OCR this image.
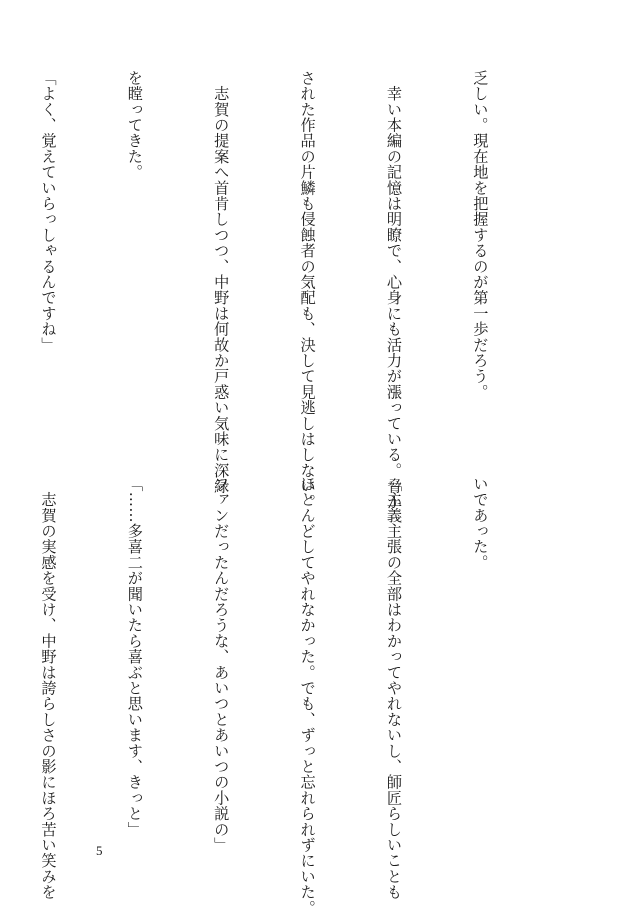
乏しい。現在地を把握するのが第一歩だろう。

　幸い本編の記憶は明瞭で、心身にも活力が漲っている。脅か

された作品の片鱗も侵蝕者の気配も、決して見逃しはしない。

　志賀の提案へ首肯しつつ、中野は何故か戸惑い気味に深緑

を瞠ってきた。

「よく、覚えていらっしゃるんですね」

いであった。

「主義主張の全部はわかってやれないし、師匠らしいことも

ほとんどしてやれなかった。でも、ずっと忘れられずにいた。

ファンだったんだろうな、あいつとあいつの小説の」

「……多喜二が聞いたら喜ぶと思います、きっと」

　志賀の実感を受け、中野は誇らしさの影にほろ苦い笑みを

	5
